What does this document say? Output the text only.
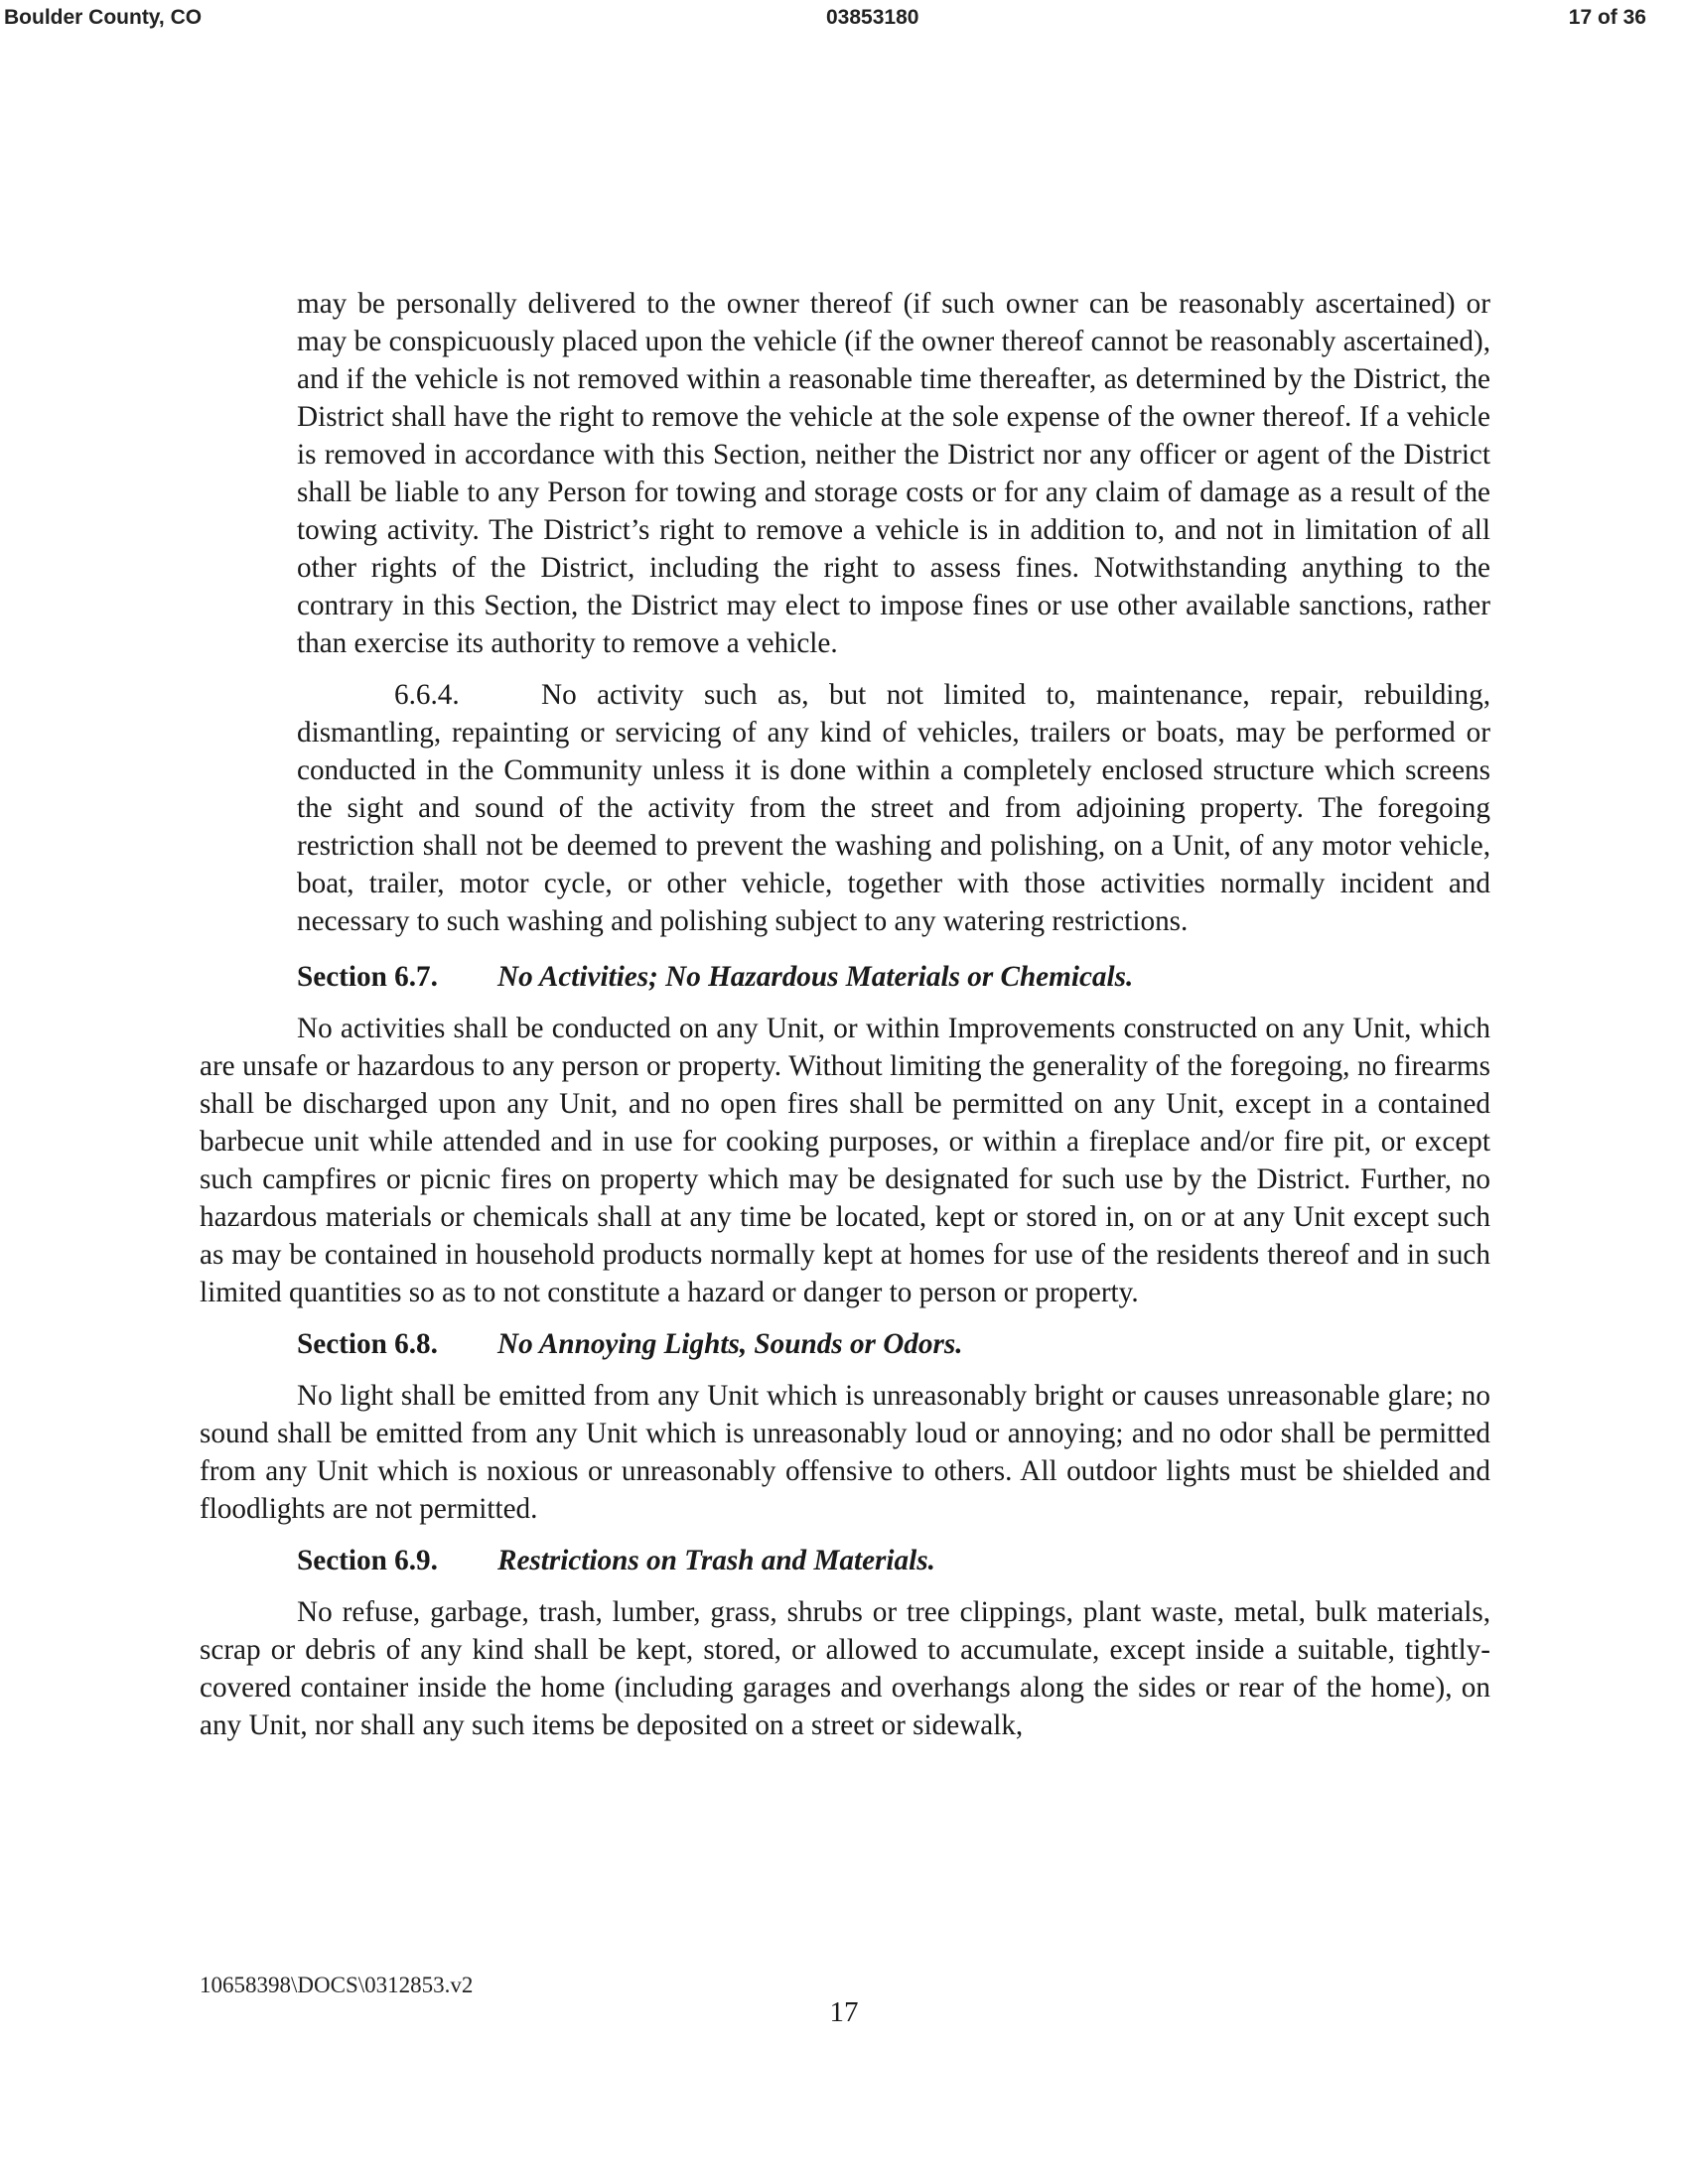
Boulder County, CO	03853180	17 of 36

may be personally delivered to the owner thereof (if such owner can be reasonably ascertained) or may be conspicuously placed upon the vehicle (if the owner thereof cannot be reasonably ascertained), and if the vehicle is not removed within a reasonable time thereafter, as determined by the District, the District shall have the right to remove the vehicle at the sole expense of the owner thereof. If a vehicle is removed in accordance with this Section, neither the District nor any officer or agent of the District shall be liable to any Person for towing and storage costs or for any claim of damage as a result of the towing activity. The District’s right to remove a vehicle is in addition to, and not in limitation of all other rights of the District, including the right to assess fines. Notwithstanding anything to the contrary in this Section, the District may elect to impose fines or use other available sanctions, rather than exercise its authority to remove a vehicle.

6.6.4.	No activity such as, but not limited to, maintenance, repair, rebuilding, dismantling, repainting or servicing of any kind of vehicles, trailers or boats, may be performed or conducted in the Community unless it is done within a completely enclosed structure which screens the sight and sound of the activity from the street and from adjoining property. The foregoing restriction shall not be deemed to prevent the washing and polishing, on a Unit, of any motor vehicle, boat, trailer, motor cycle, or other vehicle, together with those activities normally incident and necessary to such washing and polishing subject to any watering restrictions.

Section 6.7. No Activities; No Hazardous Materials or Chemicals.

No activities shall be conducted on any Unit, or within Improvements constructed on any Unit, which are unsafe or hazardous to any person or property. Without limiting the generality of the foregoing, no firearms shall be discharged upon any Unit, and no open fires shall be permitted on any Unit, except in a contained barbecue unit while attended and in use for cooking purposes, or within a fireplace and/or fire pit, or except such campfires or picnic fires on property which may be designated for such use by the District. Further, no hazardous materials or chemicals shall at any time be located, kept or stored in, on or at any Unit except such as may be contained in household products normally kept at homes for use of the residents thereof and in such limited quantities so as to not constitute a hazard or danger to person or property.

Section 6.8. No Annoying Lights, Sounds or Odors.

No light shall be emitted from any Unit which is unreasonably bright or causes unreasonable glare; no sound shall be emitted from any Unit which is unreasonably loud or annoying; and no odor shall be permitted from any Unit which is noxious or unreasonably offensive to others. All outdoor lights must be shielded and floodlights are not permitted.

Section 6.9. Restrictions on Trash and Materials.

No refuse, garbage, trash, lumber, grass, shrubs or tree clippings, plant waste, metal, bulk materials, scrap or debris of any kind shall be kept, stored, or allowed to accumulate, except inside a suitable, tightly-covered container inside the home (including garages and overhangs along the sides or rear of the home), on any Unit, nor shall any such items be deposited on a street or sidewalk,

10658398\DOCS\0312853.v2
17
